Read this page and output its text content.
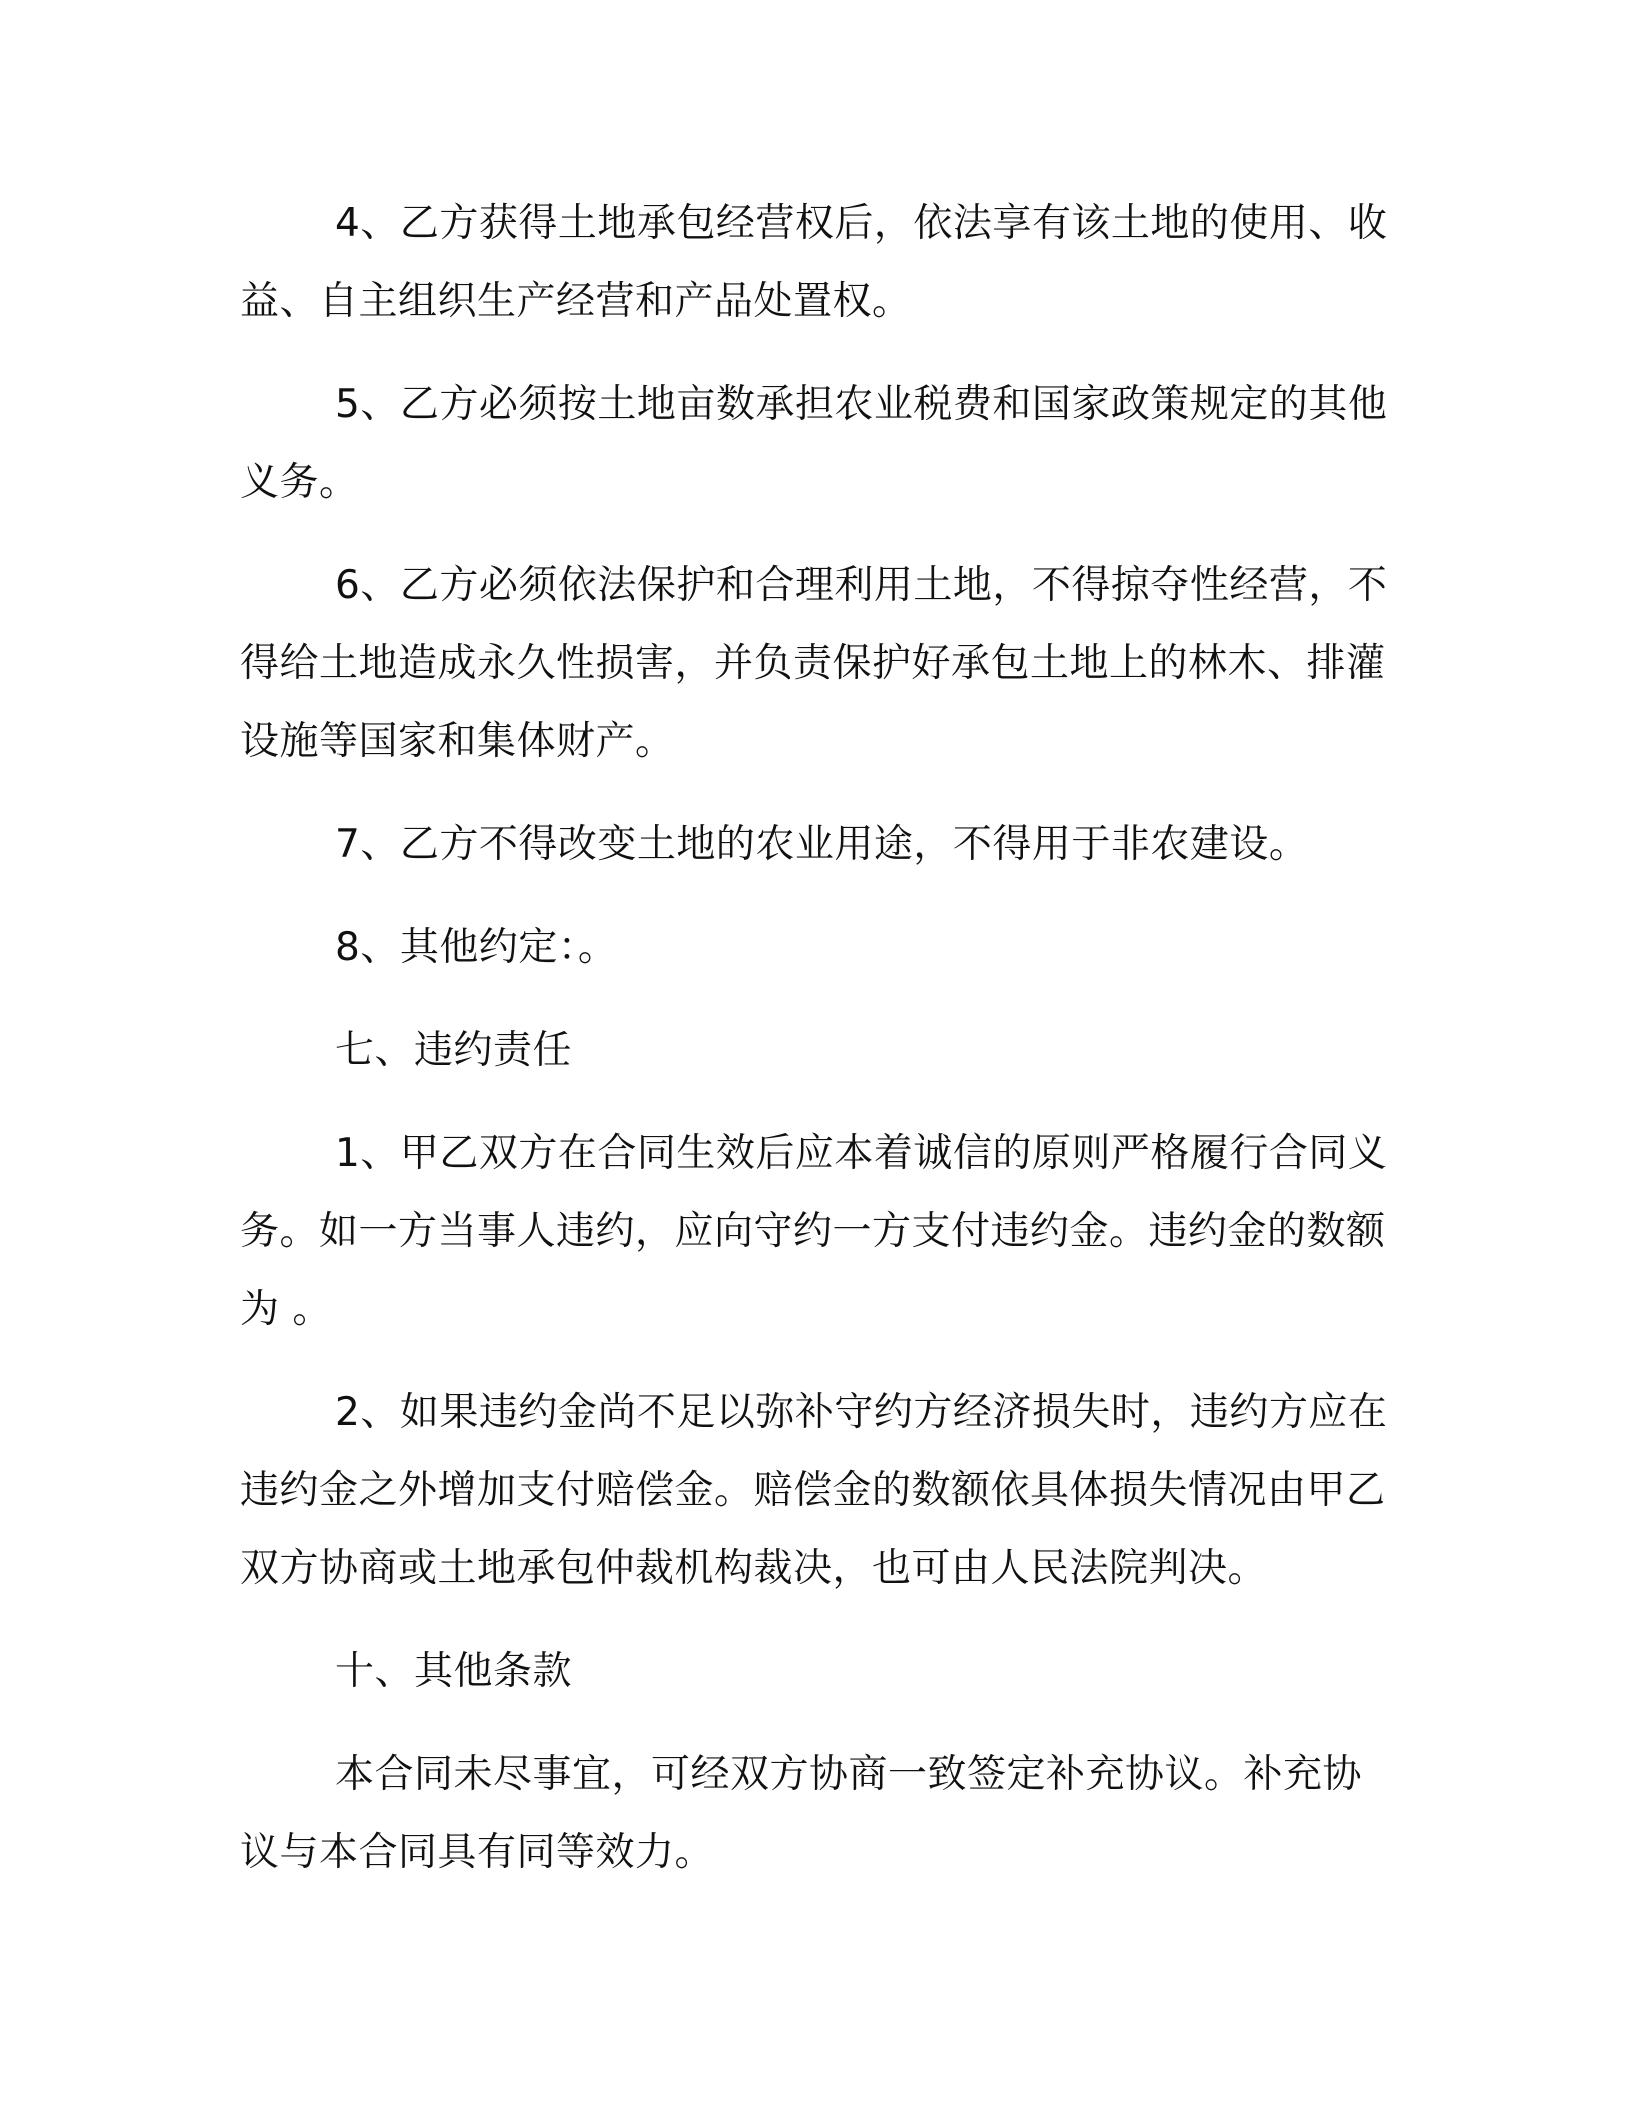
4、乙方获得土地承包经营权后，依法享有该土地的使用、收益、自主组织生产经营和产品处置权。

5、乙方必须按土地亩数承担农业税费和国家政策规定的其他义务。

6、乙方必须依法保护和合理利用土地，不得掠夺性经营，不得给土地造成永久性损害，并负责保护好承包土地上的林木、排灌设施等国家和集体财产。

7、乙方不得改变土地的农业用途，不得用于非农建设。

8、其他约定：。

七、违约责任

1、甲乙双方在合同生效后应本着诚信的原则严格履行合同义务。如一方当事人违约，应向守约一方支付违约金。违约金的数额为 。

2、如果违约金尚不足以弥补守约方经济损失时，违约方应在违约金之外增加支付赔偿金。赔偿金的数额依具体损失情况由甲乙双方协商或土地承包仲裁机构裁决，也可由人民法院判决。

十、其他条款

本合同未尽事宜，可经双方协商一致签定补充协议。补充协议与本合同具有同等效力。
